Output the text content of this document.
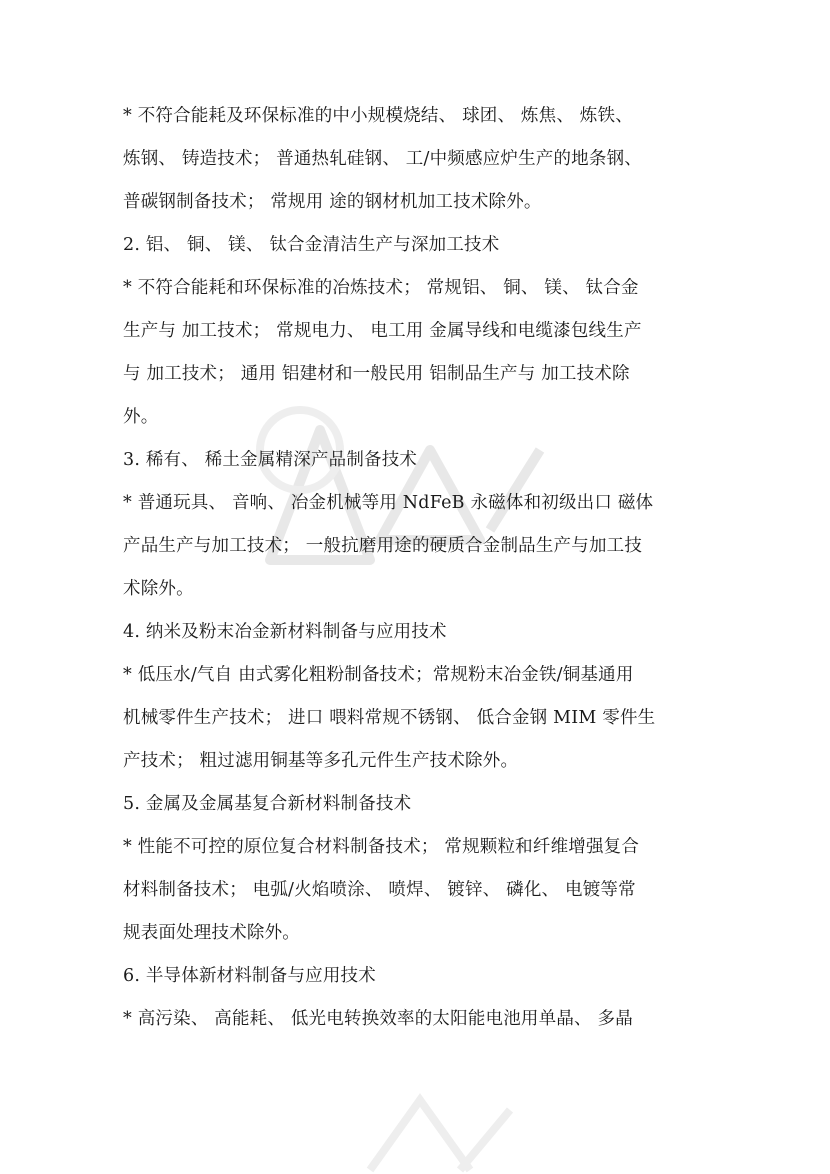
* 不符合能耗及环保标准的中小规模烧结、 球团、 炼焦、 炼铁、
炼钢、 铸造技术； 普通热轧硅钢、 工/中频感应炉生产的地条钢、
普碳钢制备技术； 常规用 途的钢材机加工技术除外。
2. 铝、 铜、 镁、 钛合金清洁生产与深加工技术
* 不符合能耗和环保标准的冶炼技术； 常规铝、 铜、 镁、 钛合金
生产与 加工技术； 常规电力、 电工用 金属导线和电缆漆包线生产
与 加工技术； 通用 铝建材和一般民用 铝制品生产与 加工技术除
外。
3. 稀有、 稀土金属精深产品制备技术
* 普通玩具、 音响、 冶金机械等用 NdFeB 永磁体和初级出口 磁体
产品生产与加工技术； 一般抗磨用途的硬质合金制品生产与加工技
术除外。
4. 纳米及粉末冶金新材料制备与应用技术
* 低压水/气自 由式雾化粗粉制备技术；常规粉末冶金铁/铜基通用
机械零件生产技术； 进口 喂料常规不锈钢、 低合金钢 MIM 零件生
产技术； 粗过滤用铜基等多孔元件生产技术除外。
5. 金属及金属基复合新材料制备技术
* 性能不可控的原位复合材料制备技术； 常规颗粒和纤维增强复合
材料制备技术； 电弧/火焰喷涂、 喷焊、 镀锌、 磷化、 电镀等常
规表面处理技术除外。
6. 半导体新材料制备与应用技术
* 高污染、 高能耗、 低光电转换效率的太阳能电池用单晶、 多晶
